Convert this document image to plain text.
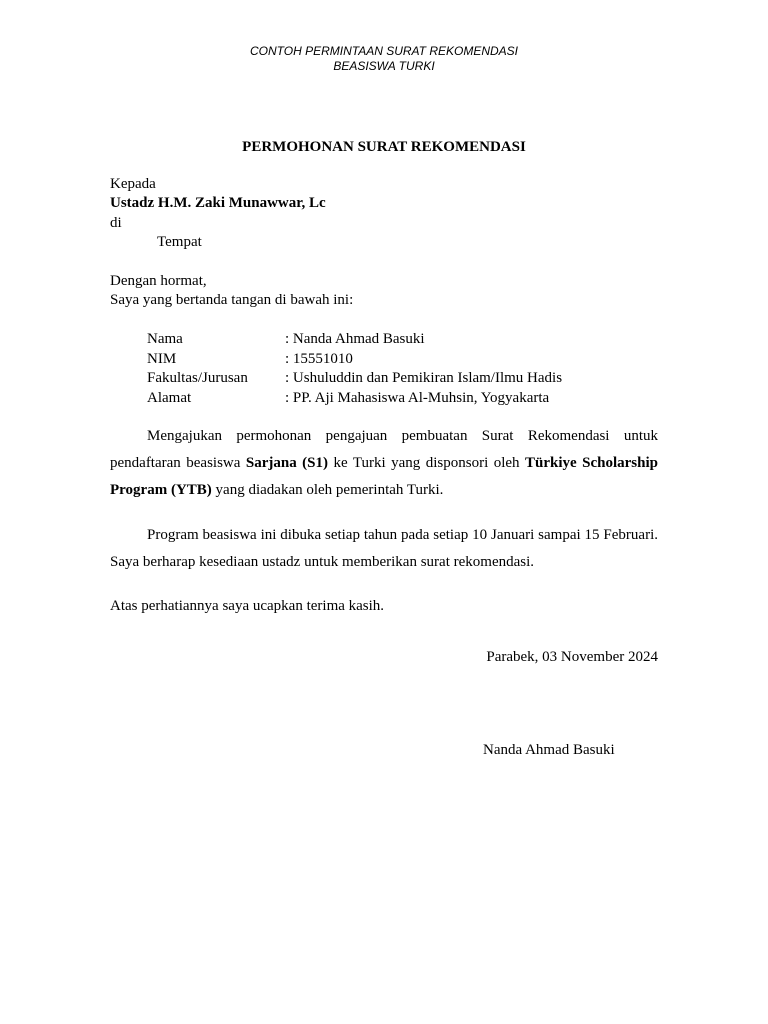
CONTOH PERMINTAAN SURAT REKOMENDASI
BEASISWA TURKI
PERMOHONAN SURAT REKOMENDASI
Kepada
Ustadz H.M. Zaki Munawwar, Lc
di
Tempat
Dengan hormat,
Saya yang bertanda tangan di bawah ini:
Nama	: Nanda Ahmad Basuki
NIM	: 15551010
Fakultas/Jurusan	: Ushuluddin dan Pemikiran Islam/Ilmu Hadis
Alamat	: PP. Aji Mahasiswa Al-Muhsin, Yogyakarta
Mengajukan permohonan pengajuan pembuatan Surat Rekomendasi untuk pendaftaran beasiswa Sarjana (S1) ke Turki yang disponsori oleh Türkiye Scholarship Program (YTB) yang diadakan oleh pemerintah Turki.
Program beasiswa ini dibuka setiap tahun pada setiap 10 Januari sampai 15 Februari. Saya berharap kesediaan ustadz untuk memberikan surat rekomendasi.
Atas perhatiannya saya ucapkan terima kasih.
Parabek, 03 November 2024
Nanda Ahmad Basuki
